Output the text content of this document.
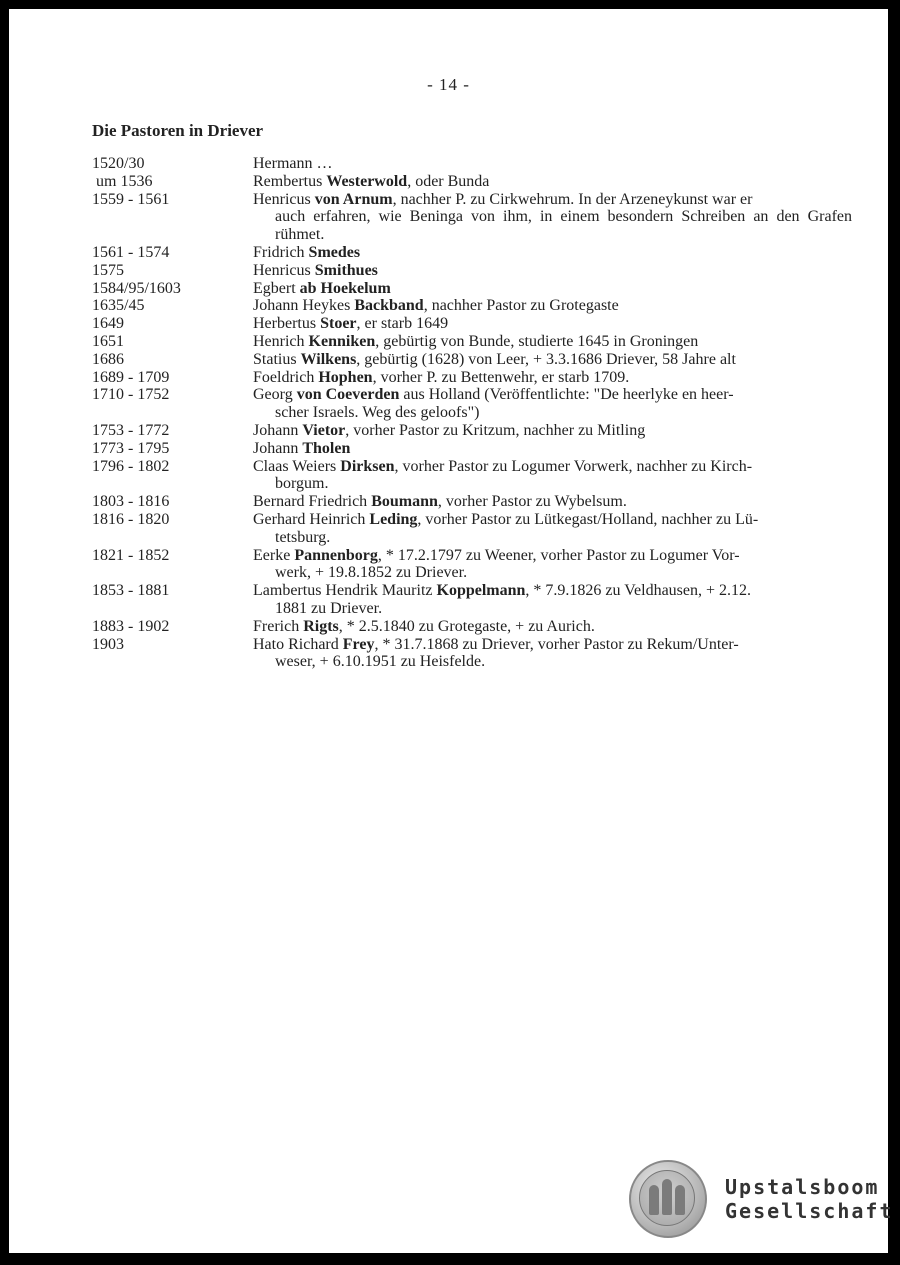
- 14 -
Die Pastoren in Driever
1520/30	Hermann …
um 1536	Rembertus Westerwold, oder Bunda
1559 - 1561	Henricus von Arnum, nachher P. zu Cirkwehrum. In der Arzeneykunst war er
auch erfahren, wie Beninga von ihm, in einem besondern Schreiben an den Grafen rühmet.
1561 - 1574	Fridrich Smedes
1575	Henricus Smithues
1584/95/1603	Egbert ab Hoekelum
1635/45	Johann Heykes Backband, nachher Pastor zu Grotegaste
1649	Herbertus Stoer, er starb 1649
1651	Henrich Kenniken, gebürtig von Bunde, studierte 1645 in Groningen
1686	Statius Wilkens, gebürtig (1628) von Leer, + 3.3.1686 Driever, 58 Jahre alt
1689 - 1709	Foeldrich Hophen, vorher P. zu Bettenwehr, er starb 1709.
1710 - 1752	Georg von Coeverden aus Holland (Veröffentlichte: "De heerlyke en heer-
scher Israels. Weg des geloofs")
1753 - 1772	Johann Vietor, vorher Pastor zu Kritzum, nachher zu Mitling
1773 - 1795	Johann Tholen
1796 - 1802	Claas Weiers Dirksen, vorher Pastor zu Logumer Vorwerk, nachher zu Kirch-
borgum.
1803 - 1816	Bernard Friedrich Boumann, vorher Pastor zu Wybelsum.
1816 - 1820	Gerhard Heinrich Leding, vorher Pastor zu Lütkegast/Holland, nachher zu Lü-
tetsburg.
1821 - 1852	Eerke Pannenborg, * 17.2.1797 zu Weener, vorher Pastor zu Logumer Vor-
werk, + 19.8.1852 zu Driever.
1853 - 1881	Lambertus Hendrik Mauritz Koppelmann, * 7.9.1826 zu Veldhausen, + 2.12.
1881 zu Driever.
1883 - 1902	Frerich Rigts, * 2.5.1840 zu Grotegaste, + zu Aurich.
1903	Hato Richard Frey, * 31.7.1868 zu Driever, vorher Pastor zu Rekum/Unter-
weser, + 6.10.1951 zu Heisfelde.
Upstalsboom
Gesellschaft
